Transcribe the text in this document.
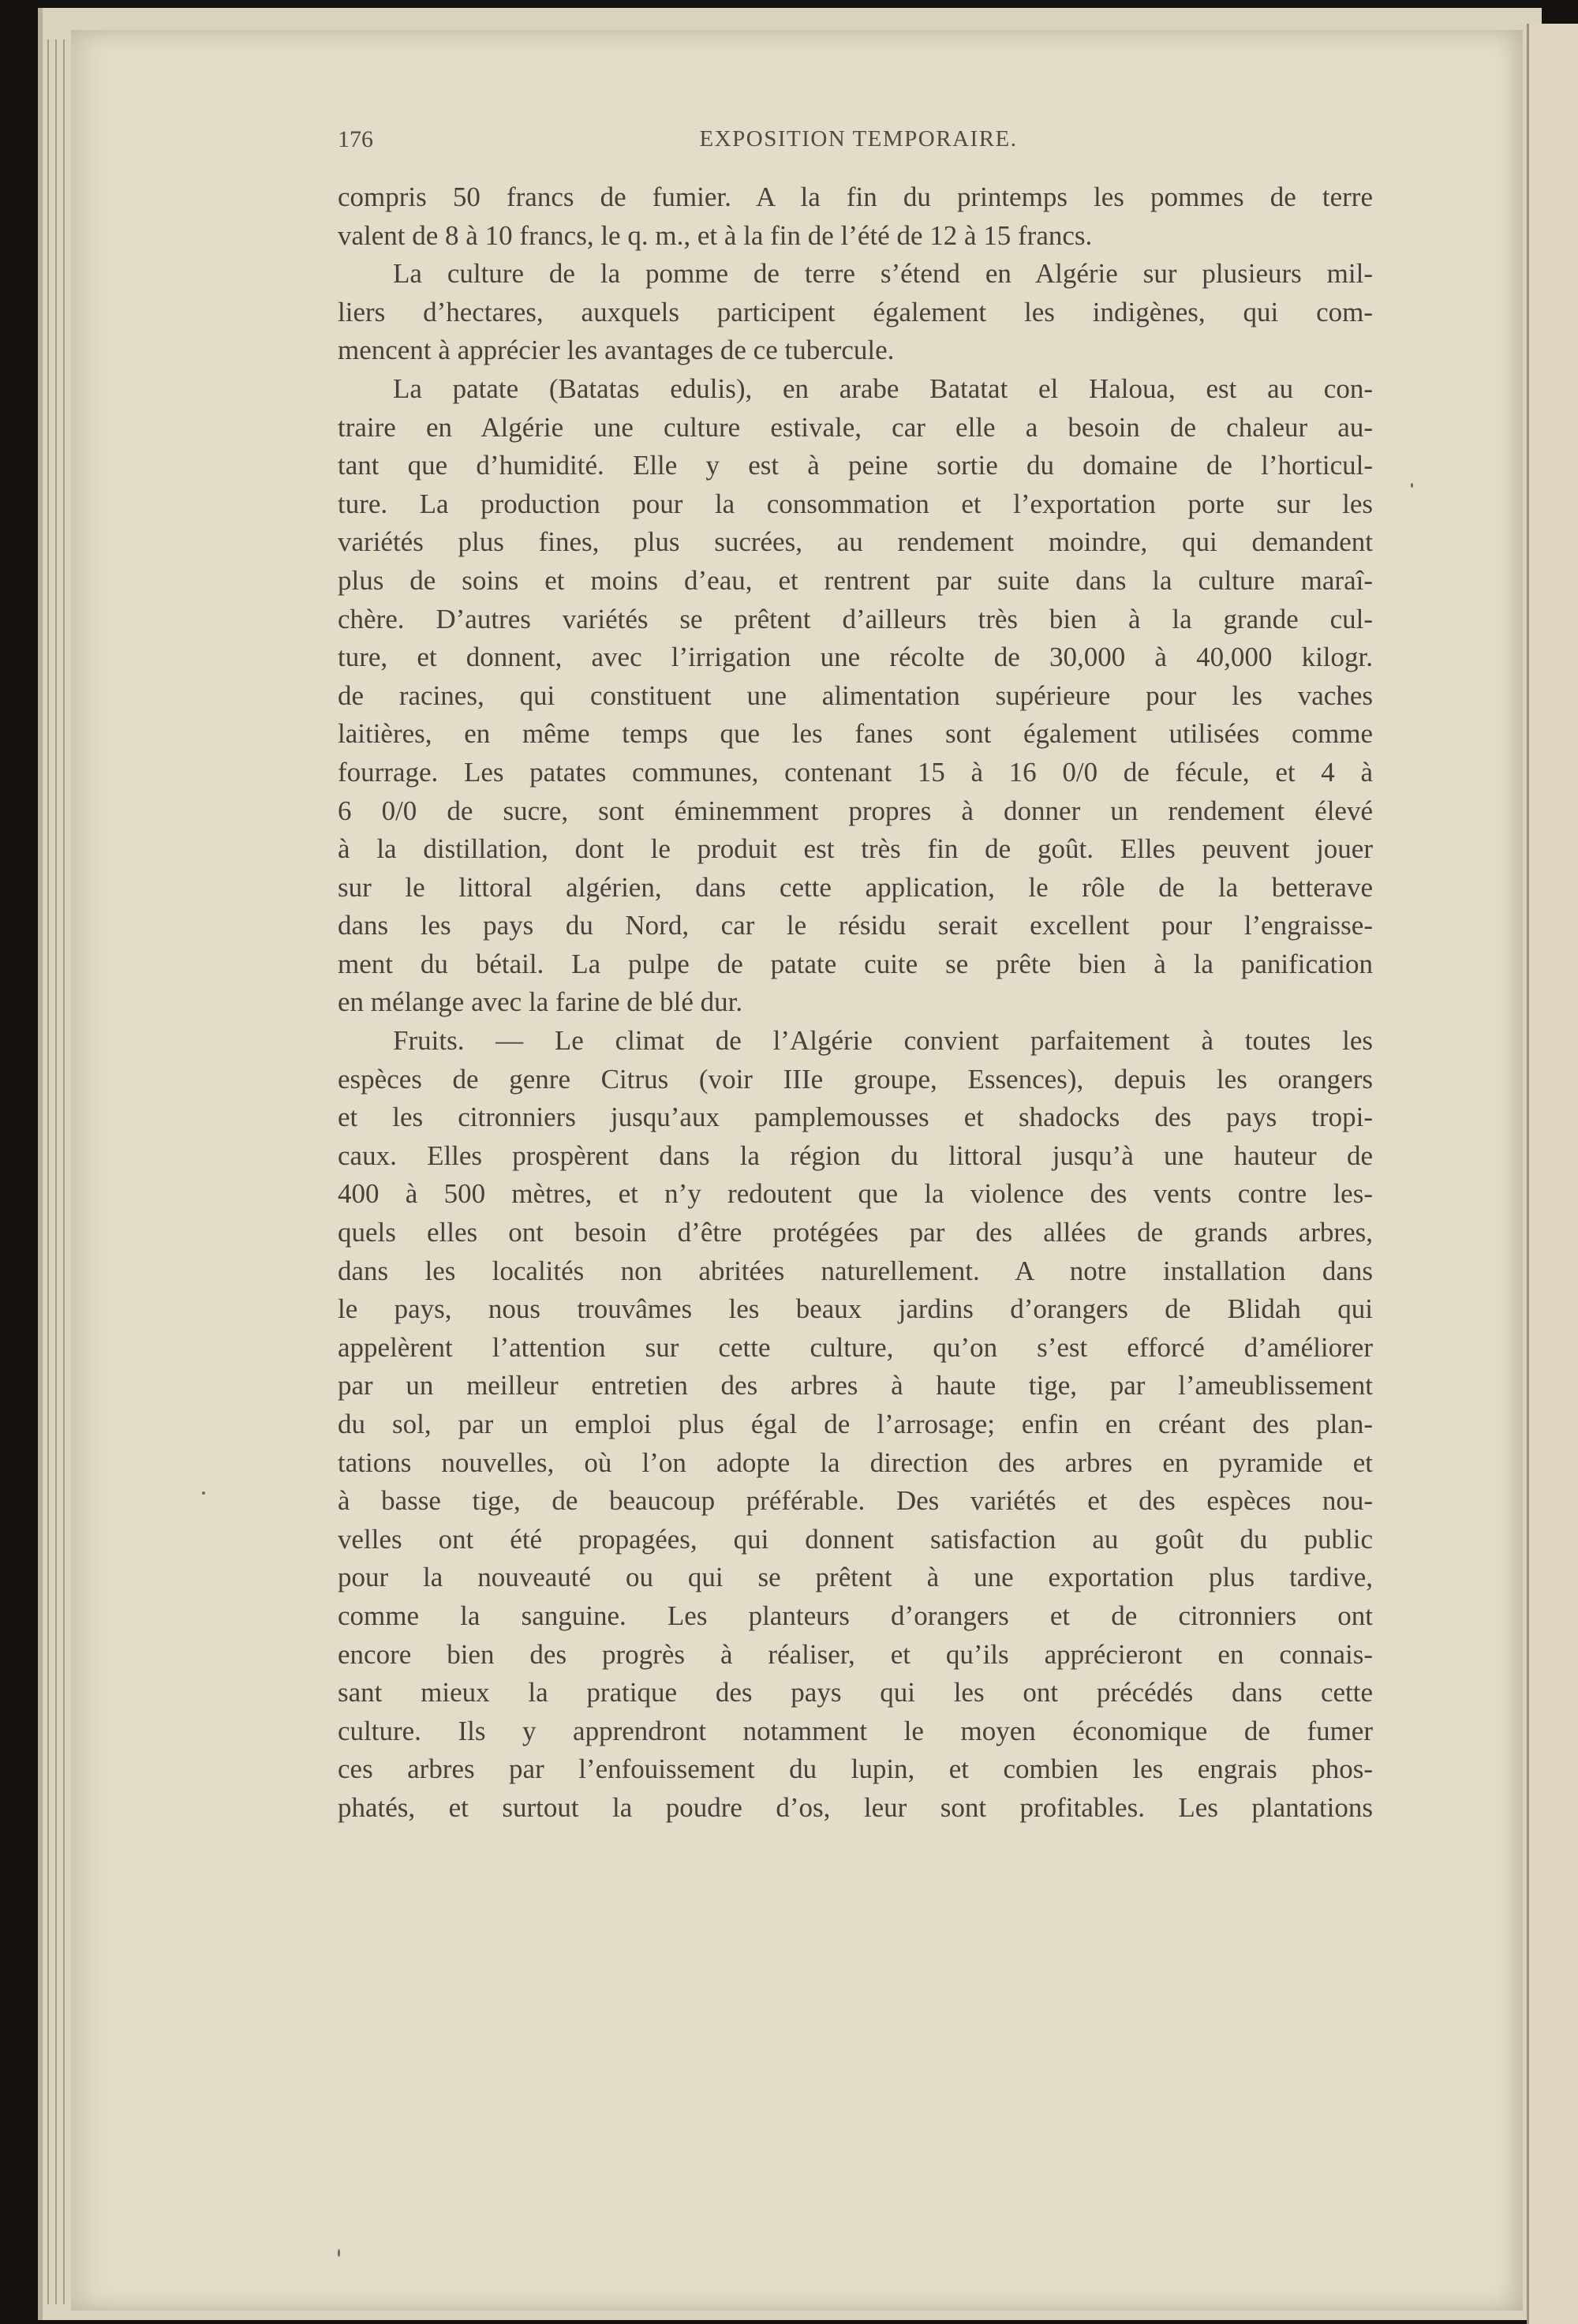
176	EXPOSITION TEMPORAIRE.
compris 50 francs de fumier. A la fin du printemps les pommes de terre
valent de 8 à 10 francs, le q. m., et à la fin de l’été de 12 à 15 francs.
La culture de la pomme de terre s’étend en Algérie sur plusieurs mil-
liers d’hectares, auxquels participent également les indigènes, qui com-
mencent à apprécier les avantages de ce tubercule.
La patate (Batatas edulis), en arabe Batatat el Haloua, est au con-
traire en Algérie une culture estivale, car elle a besoin de chaleur au-
tant que d’humidité. Elle y est à peine sortie du domaine de l’horticul-
ture. La production pour la consommation et l’exportation porte sur les
variétés plus fines, plus sucrées, au rendement moindre, qui demandent
plus de soins et moins d’eau, et rentrent par suite dans la culture maraî-
chère. D’autres variétés se prêtent d’ailleurs très bien à la grande cul-
ture, et donnent, avec l’irrigation une récolte de 30,000 à 40,000 kilogr.
de racines, qui constituent une alimentation supérieure pour les vaches
laitières, en même temps que les fanes sont également utilisées comme
fourrage. Les patates communes, contenant 15 à 16 0/0 de fécule, et 4 à
6 0/0 de sucre, sont éminemment propres à donner un rendement élevé
à la distillation, dont le produit est très fin de goût. Elles peuvent jouer
sur le littoral algérien, dans cette application, le rôle de la betterave
dans les pays du Nord, car le résidu serait excellent pour l’engraisse-
ment du bétail. La pulpe de patate cuite se prête bien à la panification
en mélange avec la farine de blé dur.
Fruits. — Le climat de l’Algérie convient parfaitement à toutes les
espèces de genre Citrus (voir IIIe groupe, Essences), depuis les orangers
et les citronniers jusqu’aux pamplemousses et shadocks des pays tropi-
caux. Elles prospèrent dans la région du littoral jusqu’à une hauteur de
400 à 500 mètres, et n’y redoutent que la violence des vents contre les-
quels elles ont besoin d’être protégées par des allées de grands arbres,
dans les localités non abritées naturellement. A notre installation dans
le pays, nous trouvâmes les beaux jardins d’orangers de Blidah qui
appelèrent l’attention sur cette culture, qu’on s’est efforcé d’améliorer
par un meilleur entretien des arbres à haute tige, par l’ameublissement
du sol, par un emploi plus égal de l’arrosage; enfin en créant des plan-
tations nouvelles, où l’on adopte la direction des arbres en pyramide et
à basse tige, de beaucoup préférable. Des variétés et des espèces nou-
velles ont été propagées, qui donnent satisfaction au goût du public
pour la nouveauté ou qui se prêtent à une exportation plus tardive,
comme la sanguine. Les planteurs d’orangers et de citronniers ont
encore bien des progrès à réaliser, et qu’ils apprécieront en connais-
sant mieux la pratique des pays qui les ont précédés dans cette
culture. Ils y apprendront notamment le moyen économique de fumer
ces arbres par l’enfouissement du lupin, et combien les engrais phos-
phatés, et surtout la poudre d’os, leur sont profitables. Les plantations
